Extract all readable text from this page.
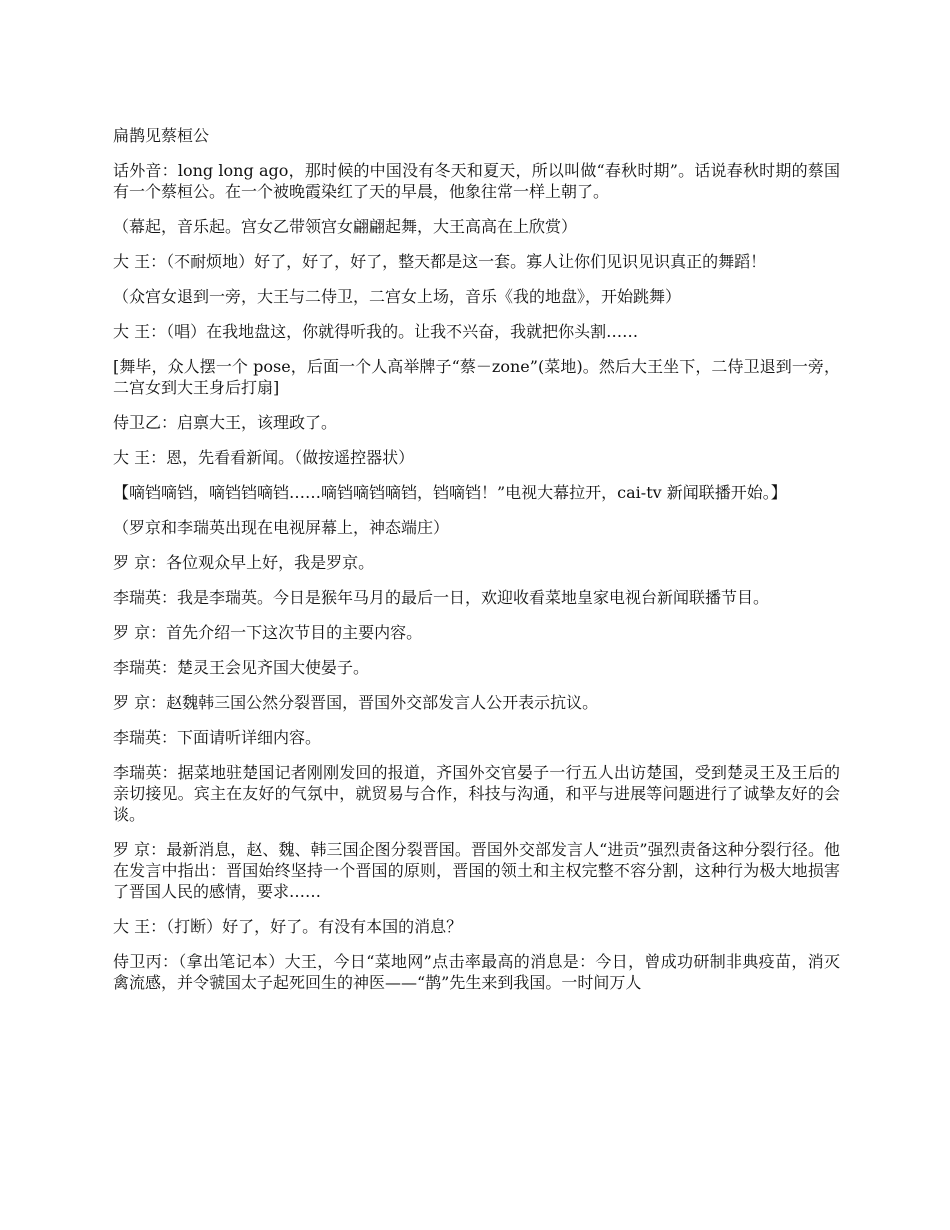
扁鹊见蔡桓公

话外音：long long ago，那时候的中国没有冬天和夏天，所以叫做“春秋时期”。话说春秋时期的蔡国有一个蔡桓公。在一个被晚霞染红了天的早晨，他象往常一样上朝了。

（幕起，音乐起。宫女乙带领宫女翩翩起舞，大王高高在上欣赏）

大 王：（不耐烦地）好了，好了，好了，整天都是这一套。寡人让你们见识见识真正的舞蹈！

（众宫女退到一旁，大王与二侍卫，二宫女上场，音乐《我的地盘》，开始跳舞）

大 王：（唱）在我地盘这，你就得听我的。让我不兴奋，我就把你头割……

[舞毕，众人摆一个 pose，后面一个人高举牌子“蔡－zone”(菜地)。然后大王坐下，二侍卫退到一旁，二宫女到大王身后打扇]

侍卫乙：启禀大王，该理政了。

大 王：恩，先看看新闻。（做按遥控器状）

【嘀铛嘀铛，嘀铛铛嘀铛……嘀铛嘀铛嘀铛，铛嘀铛！”电视大幕拉开，cai-tv 新闻联播开始。】

（罗京和李瑞英出现在电视屏幕上，神态端庄）

罗 京：各位观众早上好，我是罗京。

李瑞英：我是李瑞英。今日是猴年马月的最后一日，欢迎收看菜地皇家电视台新闻联播节目。

罗 京：首先介绍一下这次节目的主要内容。

李瑞英：楚灵王会见齐国大使晏子。

罗 京：赵魏韩三国公然分裂晋国，晋国外交部发言人公开表示抗议。

李瑞英：下面请听详细内容。

李瑞英：据菜地驻楚国记者刚刚发回的报道，齐国外交官晏子一行五人出访楚国，受到楚灵王及王后的亲切接见。宾主在友好的气氛中，就贸易与合作，科技与沟通，和平与进展等问题进行了诚挚友好的会谈。

罗 京：最新消息，赵、魏、韩三国企图分裂晋国。晋国外交部发言人“进贡”强烈责备这种分裂行径。他在发言中指出：晋国始终坚持一个晋国的原则，晋国的领土和主权完整不容分割，这种行为极大地损害了晋国人民的感情，要求……

大 王：（打断）好了，好了。有没有本国的消息？

侍卫丙：（拿出笔记本）大王，今日“菜地网”点击率最高的消息是：今日，曾成功研制非典疫苗，消灭禽流感，并令虢国太子起死回生的神医——“鹊”先生来到我国。一时间万人
